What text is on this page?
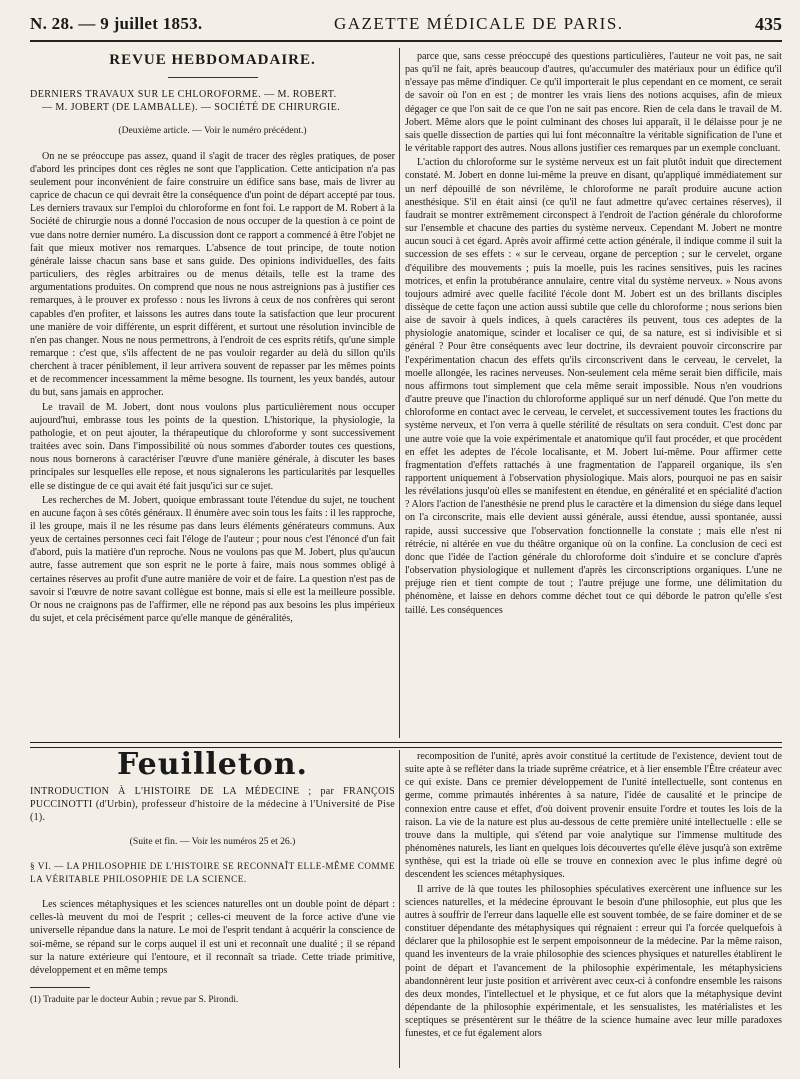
N. 28. — 9 juillet 1853.	GAZETTE MÉDICALE DE PARIS.	435
REVUE HEBDOMADAIRE.

DERNIERS TRAVAUX SUR LE CHLOROFORME. — M. ROBERT.
— M. JOBERT (DE LAMBALLE). — SOCIÉTÉ DE CHIRURGIE.

(Deuxième article. — Voir le numéro précédent.)

On ne se préoccupe pas assez, quand il s'agit de tracer des règles pratiques, de poser d'abord les principes dont ces règles ne sont que l'application. Cette anticipation n'a pas seulement pour inconvénient de faire construire un édifice sans base, mais de livrer au caprice de chacun ce qui devrait être la conséquence d'un point de départ accepté par tous. Les derniers travaux sur l'emploi du chloroforme en font foi. Le rapport de M. Robert à la Société de chirurgie nous a donné l'occasion de nous occuper de la question à ce point de vue dans notre dernier numéro. La discussion dont ce rapport a commencé à être l'objet ne fait que mieux motiver nos remarques. L'absence de tout principe, de toute notion générale laisse chacun sans base et sans guide. Des opinions individuelles, des faits particuliers, des règles arbitraires ou de menus détails, telle est la trame des argumentations produites. On comprend que nous ne nous astreignions pas à justifier ces remarques, à le prouver ex professo : nous les livrons à ceux de nos confrères qui seront capables d'en profiter, et laissons les autres dans toute la satisfaction que leur procurent une manière de voir différente, un esprit différent, et surtout une résolution invincible de n'en pas changer. Nous ne nous permettrons, à l'endroit de ces esprits rétifs, qu'une simple remarque : c'est que, s'ils affectent de ne pas vouloir regarder au delà du sillon qu'ils cherchent à tracer péniblement, il leur arrivera souvent de repasser par les mêmes points et de recommencer incessamment la même besogne. Ils tournent, les yeux bandés, autour du but, sans jamais en approcher.

Le travail de M. Jobert, dont nous voulons plus particulièrement nous occuper aujourd'hui, embrasse tous les points de la question. L'historique, la physiologie, la pathologie, et on peut ajouter, la thérapeutique du chloroforme y sont successivement traitées avec soin. Dans l'impossibilité où nous sommes d'aborder toutes ces questions, nous nous bornerons à caractériser l'œuvre d'une manière générale, à discuter les bases principales sur lesquelles elle repose, et nous signalerons les particularités par lesquelles elle se distingue de ce qui avait été fait jusqu'ici sur ce sujet.

Les recherches de M. Jobert, quoique embrassant toute l'étendue du sujet, ne touchent en aucune façon à ses côtés généraux. Il énumère avec soin tous les faits : il les rapproche, il les groupe, mais il ne les résume pas dans leurs éléments générateurs communs. Aux yeux de certaines personnes ceci fait l'éloge de l'auteur ; pour nous c'est l'énoncé d'un fait d'abord, puis la matière d'un reproche. Nous ne voulons pas que M. Jobert, plus qu'aucun autre, fasse autrement que son esprit ne le porte à faire, mais nous sommes obligé à certaines réserves au profit d'une autre manière de voir et de faire. La question n'est pas de savoir si l'œuvre de notre savant collègue est bonne, mais si elle est la meilleure possible. Or nous ne craignons pas de l'affirmer, elle ne répond pas aux besoins les plus impérieux du sujet, et cela précisément parce qu'elle manque de généralités,

parce que, sans cesse préoccupé des questions particulières, l'auteur ne voit pas, ne sait pas qu'il ne fait, après beaucoup d'autres, qu'accumuler des matériaux pour un édifice qu'il n'essaye pas même d'indiquer. Ce qu'il importerait le plus cependant en ce moment, ce serait de savoir où l'on en est ; de montrer les vrais liens des notions acquises, afin de mieux dégager ce que l'on sait de ce que l'on ne sait pas encore. Rien de cela dans le travail de M. Jobert. Même alors que le point culminant des choses lui apparaît, il le délaisse pour je ne sais quelle dissection de parties qui lui font méconnaître la véritable signification de l'une et le véritable rapport des autres. Nous allons justifier ces remarques par un exemple concluant.

L'action du chloroforme sur le système nerveux est un fait plutôt induit que directement constaté. M. Jobert en donne lui-même la preuve en disant, qu'appliqué immédiatement sur un nerf dépouillé de son névrilème, le chloroforme ne paraît produire aucune action anesthésique. S'il en était ainsi (ce qu'il ne faut admettre qu'avec certaines réserves), il faudrait se montrer extrêmement circonspect à l'endroit de l'action générale du chloroforme sur l'ensemble et chacune des parties du système nerveux. Cependant M. Jobert ne montre aucun souci à cet égard. Après avoir affirmé cette action générale, il indique comme il suit la succession de ses effets : « sur le cerveau, organe de perception ; sur le cervelet, organe d'équilibre des mouvements ; puis la moelle, puis les racines sensitives, puis les racines motrices, et enfin la protubérance annulaire, centre vital du système nerveux. » Nous avons toujours admiré avec quelle facilité l'école dont M. Jobert est un des brillants disciples dissèque de cette façon une action aussi subtile que celle du chloroforme ; nous serions bien aise de savoir à quels indices, à quels caractères ils peuvent, tous ces adeptes de la physiologie anatomique, scinder et localiser ce qui, de sa nature, est si indivisible et si général ? Pour être conséquents avec leur doctrine, ils devraient pouvoir circonscrire par l'expérimentation chacun des effets qu'ils circonscrivent dans le cerveau, le cervelet, la moelle allongée, les racines nerveuses. Non-seulement cela même serait bien difficile, mais nous affirmons tout simplement que cela même serait impossible. Nous n'en voudrions d'autre preuve que l'inaction du chloroforme appliqué sur un nerf dénudé. Que l'on mette du chloroforme en contact avec le cerveau, le cervelet, et successivement toutes les fractions du système nerveux, et l'on verra à quelle stérilité de résultats on sera conduit. C'est donc par une autre voie que la voie expérimentale et anatomique qu'il faut procéder, et que procèdent en effet les adeptes de l'école localisante, et M. Jobert lui-même. Pour affirmer cette fragmentation d'effets rattachés à une fragmentation de l'appareil organique, ils s'en rapportent uniquement à l'observation physiologique. Mais alors, pourquoi ne pas en saisir les révélations jusqu'où elles se manifestent en étendue, en généralité et en spécialité d'action ? Alors l'action de l'anesthésie ne prend plus le caractère et la dimension du siége dans lequel on l'a circonscrite, mais elle devient aussi générale, aussi étendue, aussi spontanée, aussi rapide, aussi successive que l'observation fonctionnelle la constate ; mais elle n'est ni rétrécie, ni altérée en vue du théâtre organique où on la confine. La conclusion de ceci est donc que l'idée de l'action générale du chloroforme doit s'induire et se conclure d'après l'observation physiologique et nullement d'après les circonscriptions organiques. L'une ne préjuge rien et tient compte de tout ; l'autre préjuge une forme, une délimitation du phénomène, et laisse en dehors comme déchet tout ce qui déborde le patron qu'elle s'est taillé. Les conséquences

Feuilleton.

INTRODUCTION À L'HISTOIRE DE LA MÉDECINE ; par FRANÇOIS PUCCINOTTI (d'Urbin), professeur d'histoire de la médecine à l'Université de Pise (1).

(Suite et fin. — Voir les numéros 25 et 26.)

§ VI. — LA PHILOSOPHIE DE L'HISTOIRE SE RECONNAÎT ELLE-MÊME COMME LA VÉRITABLE PHILOSOPHIE DE LA SCIENCE.

Les sciences métaphysiques et les sciences naturelles ont un double point de départ : celles-là meuvent du moi de l'esprit ; celles-ci meuvent de la force active d'une vie universelle répandue dans la nature. Le moi de l'esprit tendant à acquérir la conscience de soi-même, se répand sur le corps auquel il est uni et reconnaît une dualité ; il se répand sur la nature extérieure qui l'entoure, et il reconnaît sa triade. Cette triade primitive, développement et en même temps

(1) Traduite par le docteur Aubin ; revue par S. Pirondi.

recomposition de l'unité, après avoir constitué la certitude de l'existence, devient tout de suite apte à se refléter dans la triade suprême créatrice, et à lier ensemble l'Être créateur avec ce qui existe. Dans ce premier développement de l'unité intellectuelle, sont contenus en germe, comme primautés inhérentes à sa nature, l'idée de causalité et le principe de connexion entre cause et effet, d'où doivent provenir ensuite l'ordre et toutes les lois de la raison. La vie de la nature est plus au-dessous de cette première unité intellectuelle : elle se trouve dans la multiple, qui s'étend par voie analytique sur l'immense multitude des phénomènes naturels, les liant en quelques lois découvertes qu'elle élève jusqu'à son extrême synthèse, qui est la triade où elle se trouve en connexion avec le plus infime degré où descendent les sciences métaphysiques.

Il arrive de là que toutes les philosophies spéculatives exercèrent une influence sur les sciences naturelles, et la médecine éprouvant le besoin d'une philosophie, eut plus que les autres à souffrir de l'erreur dans laquelle elle est souvent tombée, de se faire dominer et de se constituer dépendante des métaphysiques qui régnaient : erreur qui l'a forcée quelquefois à déclarer que la philosophie est le serpent empoisonneur de la médecine. Par la même raison, quand les inventeurs de la vraie philosophie des sciences physiques et naturelles établirent le point de départ et l'avancement de la philosophie expérimentale, les métaphysiciens abandonnèrent leur juste position et arrivèrent avec ceux-ci à confondre ensemble les raisons des deux mondes, l'intellectuel et le physique, et ce fut alors que la métaphysique devint dépendante de la philosophie expérimentale, et les sensualistes, les matérialistes et les sceptiques se présentèrent sur le théâtre de la science humaine avec leur mille paradoxes funestes, et ce fut également alors
